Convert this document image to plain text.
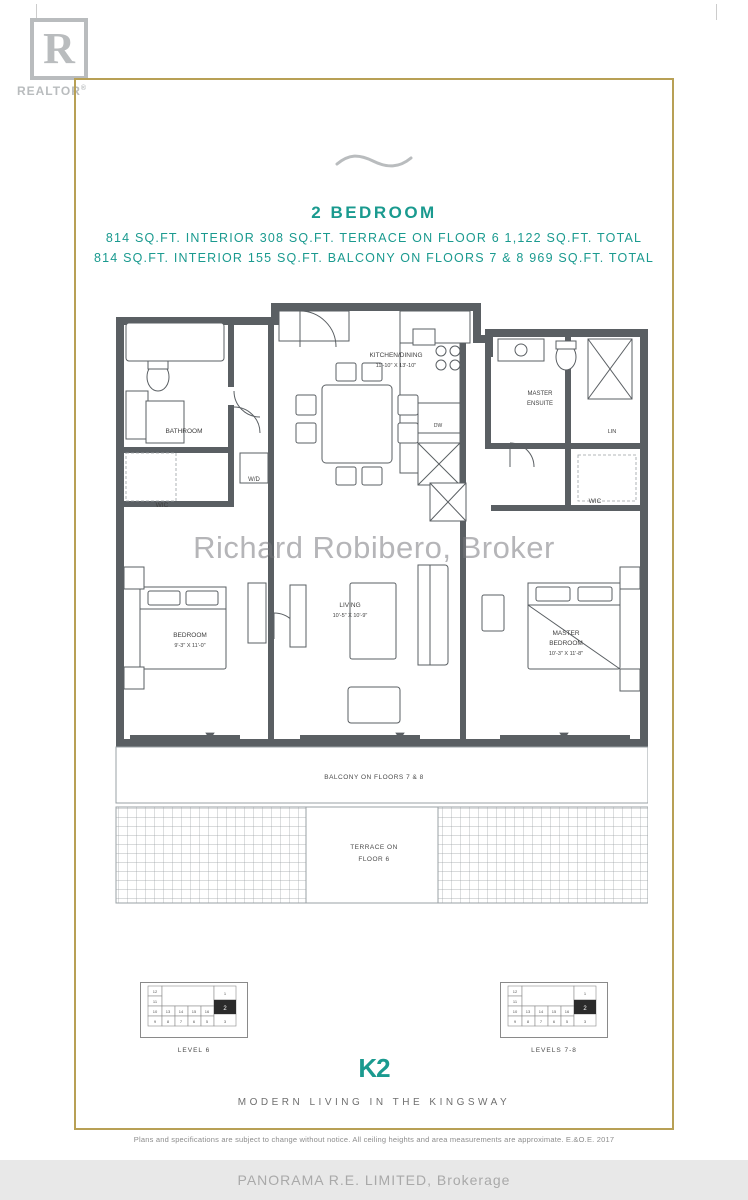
R
REALTOR®
2 BEDROOM
814 SQ.FT. INTERIOR 308 SQ.FT. TERRACE ON FLOOR 6 1,122 SQ.FT. TOTAL
814 SQ.FT. INTERIOR 155 SQ.FT. BALCONY ON FLOORS 7 & 8 969 SQ.FT. TOTAL
BALCONY ON FLOORS 7 & 8
TERRACE ON
FLOOR 6
KITCHEN/DINING
11'-10" X 13'-10"
BATHROOM
WIC
W/D
BEDROOM
9'-3" X 11'-0"
LIVING
10'-5" X 10'-9"
MASTER
ENSUITE
LIN
WIC
MASTER
BEDROOM
10'-3" X 11'-8"
DW
Richard Robibero, Broker
2
12
11
10
9
13 14 15 16
8	7	6	5
1
3
LEVEL 6
2
12
11
10
9
13 14 15 16
8	7	6	5
1
3
LEVELS 7-8
K2
MODERN LIVING IN THE KINGSWAY
Plans and specifications are subject to change without notice. All ceiling heights and area measurements are approximate. E.&O.E. 2017
PANORAMA R.E. LIMITED, Brokerage
